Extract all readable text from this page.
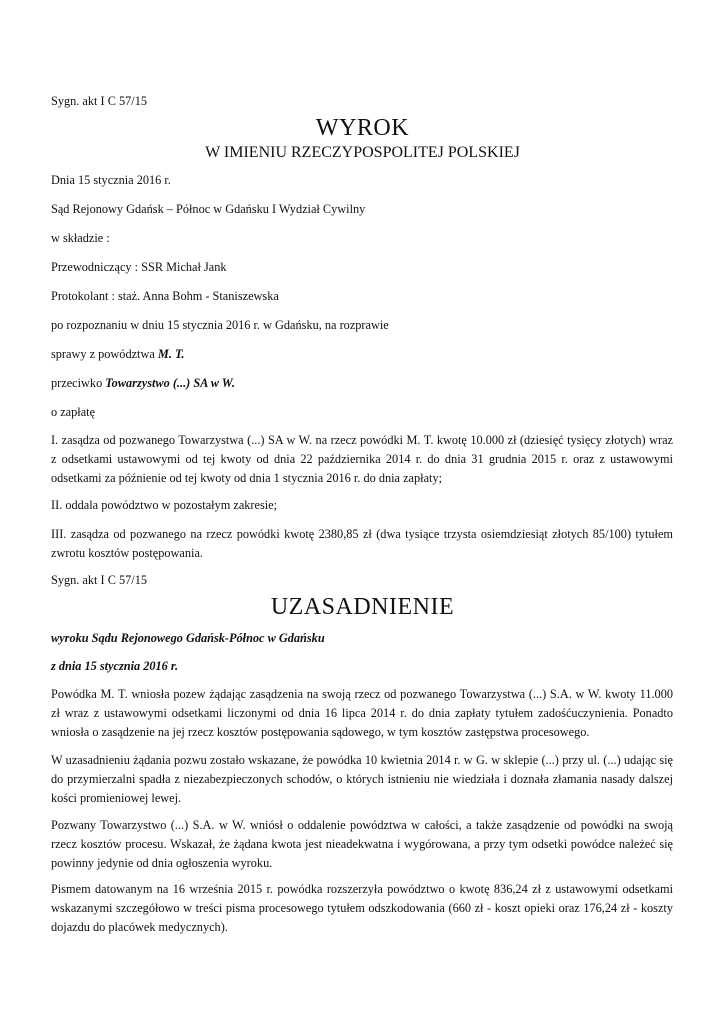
Sygn. akt I C 57/15
WYROK
W IMIENIU RZECZYPOSPOLITEJ POLSKIEJ
Dnia 15 stycznia 2016 r.
Sąd Rejonowy Gdańsk – Północ w Gdańsku I Wydział Cywilny
w składzie :
Przewodniczący : SSR Michał Jank
Protokolant : staż. Anna Bohm - Staniszewska
po rozpoznaniu w dniu 15 stycznia 2016 r. w Gdańsku, na rozprawie
sprawy z powództwa M. T.
przeciwko Towarzystwo (...) SA w W.
o zapłatę
I. zasądza od pozwanego Towarzystwa (...) SA w W. na rzecz powódki M. T. kwotę 10.000 zł (dziesięć tysięcy złotych) wraz z odsetkami ustawowymi od tej kwoty od dnia 22 października 2014 r. do dnia 31 grudnia 2015 r. oraz z ustawowymi odsetkami za późnienie od tej kwoty od dnia 1 stycznia 2016 r. do dnia zapłaty;
II. oddala powództwo w pozostałym zakresie;
III. zasądza od pozwanego na rzecz powódki kwotę 2380,85 zł (dwa tysiące trzysta osiemdziesiąt złotych 85/100) tytułem zwrotu kosztów postępowania.
Sygn. akt I C 57/15
UZASADNIENIE
wyroku Sądu Rejonowego Gdańsk-Północ w Gdańsku
z dnia 15 stycznia 2016 r.
Powódka M. T. wniosła pozew żądając zasądzenia na swoją rzecz od pozwanego Towarzystwa (...) S.A. w W. kwoty 11.000 zł wraz z ustawowymi odsetkami liczonymi od dnia 16 lipca 2014 r. do dnia zapłaty tytułem zadośćuczynienia. Ponadto wniosła o zasądzenie na jej rzecz kosztów postępowania sądowego, w tym kosztów zastępstwa procesowego.
W uzasadnieniu żądania pozwu zostało wskazane, że powódka 10 kwietnia 2014 r. w G. w sklepie (...) przy ul. (...) udając się do przymierzalni spadła z niezabezpieczonych schodów, o których istnieniu nie wiedziała i doznała złamania nasady dalszej kości promieniowej lewej.
Pozwany Towarzystwo (...) S.A. w W. wniósł o oddalenie powództwa w całości, a także zasądzenie od powódki na swoją rzecz kosztów procesu. Wskazał, że żądana kwota jest nieadekwatna i wygórowana, a przy tym odsetki powódce należeć się powinny jedynie od dnia ogłoszenia wyroku.
Pismem datowanym na 16 września 2015 r. powódka rozszerzyła powództwo o kwotę 836,24 zł z ustawowymi odsetkami wskazanymi szczegółowo w treści pisma procesowego tytułem odszkodowania (660 zł - koszt opieki oraz 176,24 zł - koszty dojazdu do placówek medycznych).
